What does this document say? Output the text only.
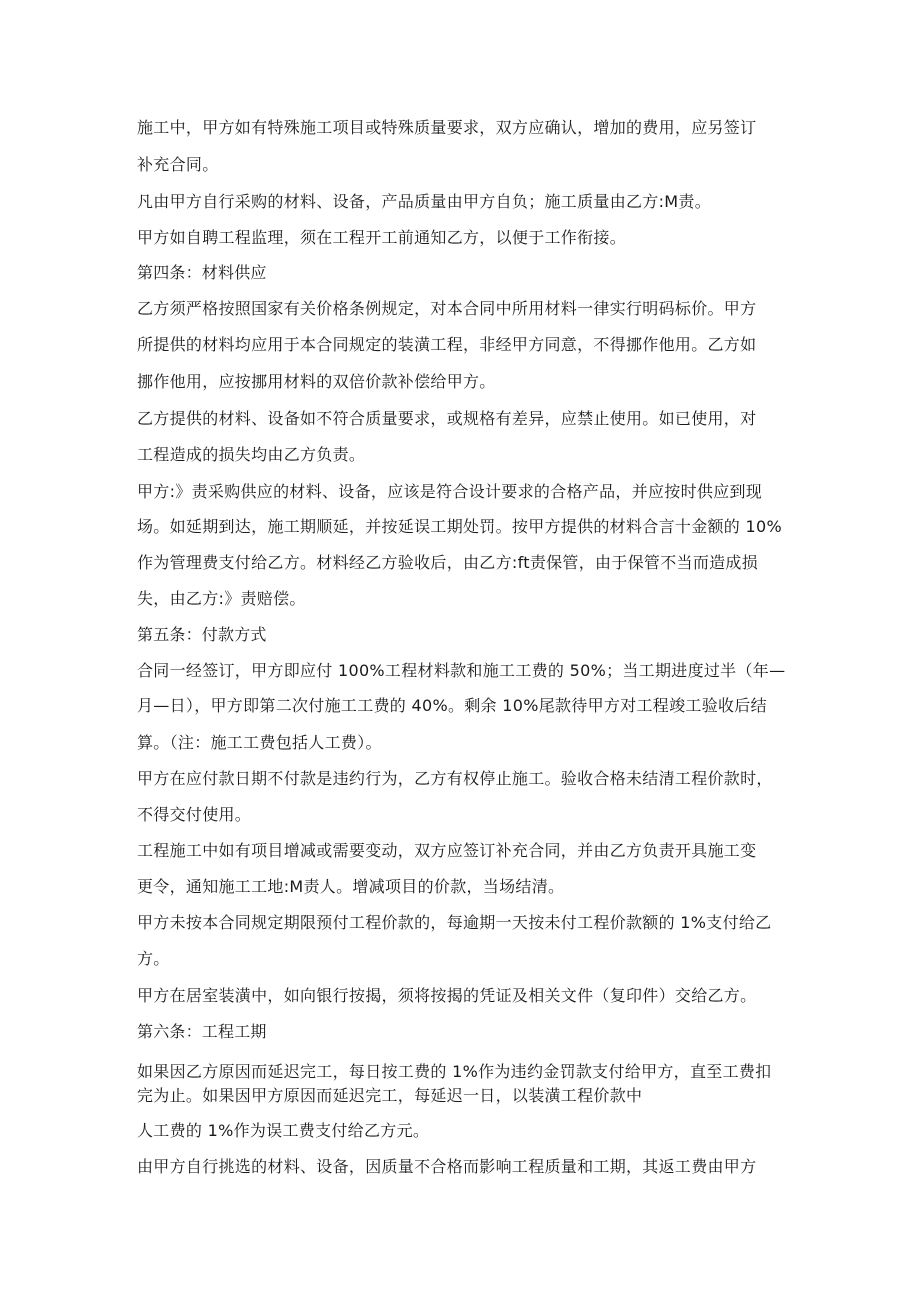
施工中，甲方如有特殊施工项目或特殊质量要求，双方应确认，增加的费用，应另签订
补充合同。
凡由甲方自行采购的材料、设备，产品质量由甲方自负；施工质量由乙方:M责。
甲方如自聘工程监理，须在工程开工前通知乙方，以便于工作衔接。
第四条：材料供应
乙方须严格按照国家有关价格条例规定，对本合同中所用材料一律实行明码标价。甲方
所提供的材料均应用于本合同规定的装潢工程，非经甲方同意，不得挪作他用。乙方如
挪作他用，应按挪用材料的双倍价款补偿给甲方。
乙方提供的材料、设备如不符合质量要求，或规格有差异，应禁止使用。如已使用，对
工程造成的损失均由乙方负责。
甲方:》责采购供应的材料、设备，应该是符合设计要求的合格产品，并应按时供应到现
场。如延期到达，施工期顺延，并按延误工期处罚。按甲方提供的材料合言十金额的 10%
作为管理费支付给乙方。材料经乙方验收后，由乙方:ft责保管，由于保管不当而造成损
失，由乙方:》责赔偿。
第五条：付款方式
合同一经签订，甲方即应付 100%工程材料款和施工工费的 50%；当工期进度过半（年—
月—日），甲方即第二次付施工工费的 40%。剩余 10%尾款待甲方对工程竣工验收后结
算。（注：施工工费包括人工费）。
甲方在应付款日期不付款是违约行为，乙方有权停止施工。验收合格未结清工程价款时，
不得交付使用。
工程施工中如有项目增减或需要变动，双方应签订补充合同，并由乙方负责开具施工变
更令，通知施工工地:M责人。增减项目的价款，当场结清。
甲方未按本合同规定期限预付工程价款的，每逾期一天按未付工程价款额的 1%支付给乙
方。
甲方在居室装潢中，如向银行按揭，须将按揭的凭证及相关文件（复印件）交给乙方。
第六条：工程工期
如果因乙方原因而延迟完工，每日按工费的 1%作为违约金罚款支付给甲方，直至工费扣
完为止。如果因甲方原因而延迟完工，每延迟一日，以装潢工程价款中
人工费的 1%作为误工费支付给乙方元。
由甲方自行挑选的材料、设备，因质量不合格而影响工程质量和工期，其返工费由甲方
